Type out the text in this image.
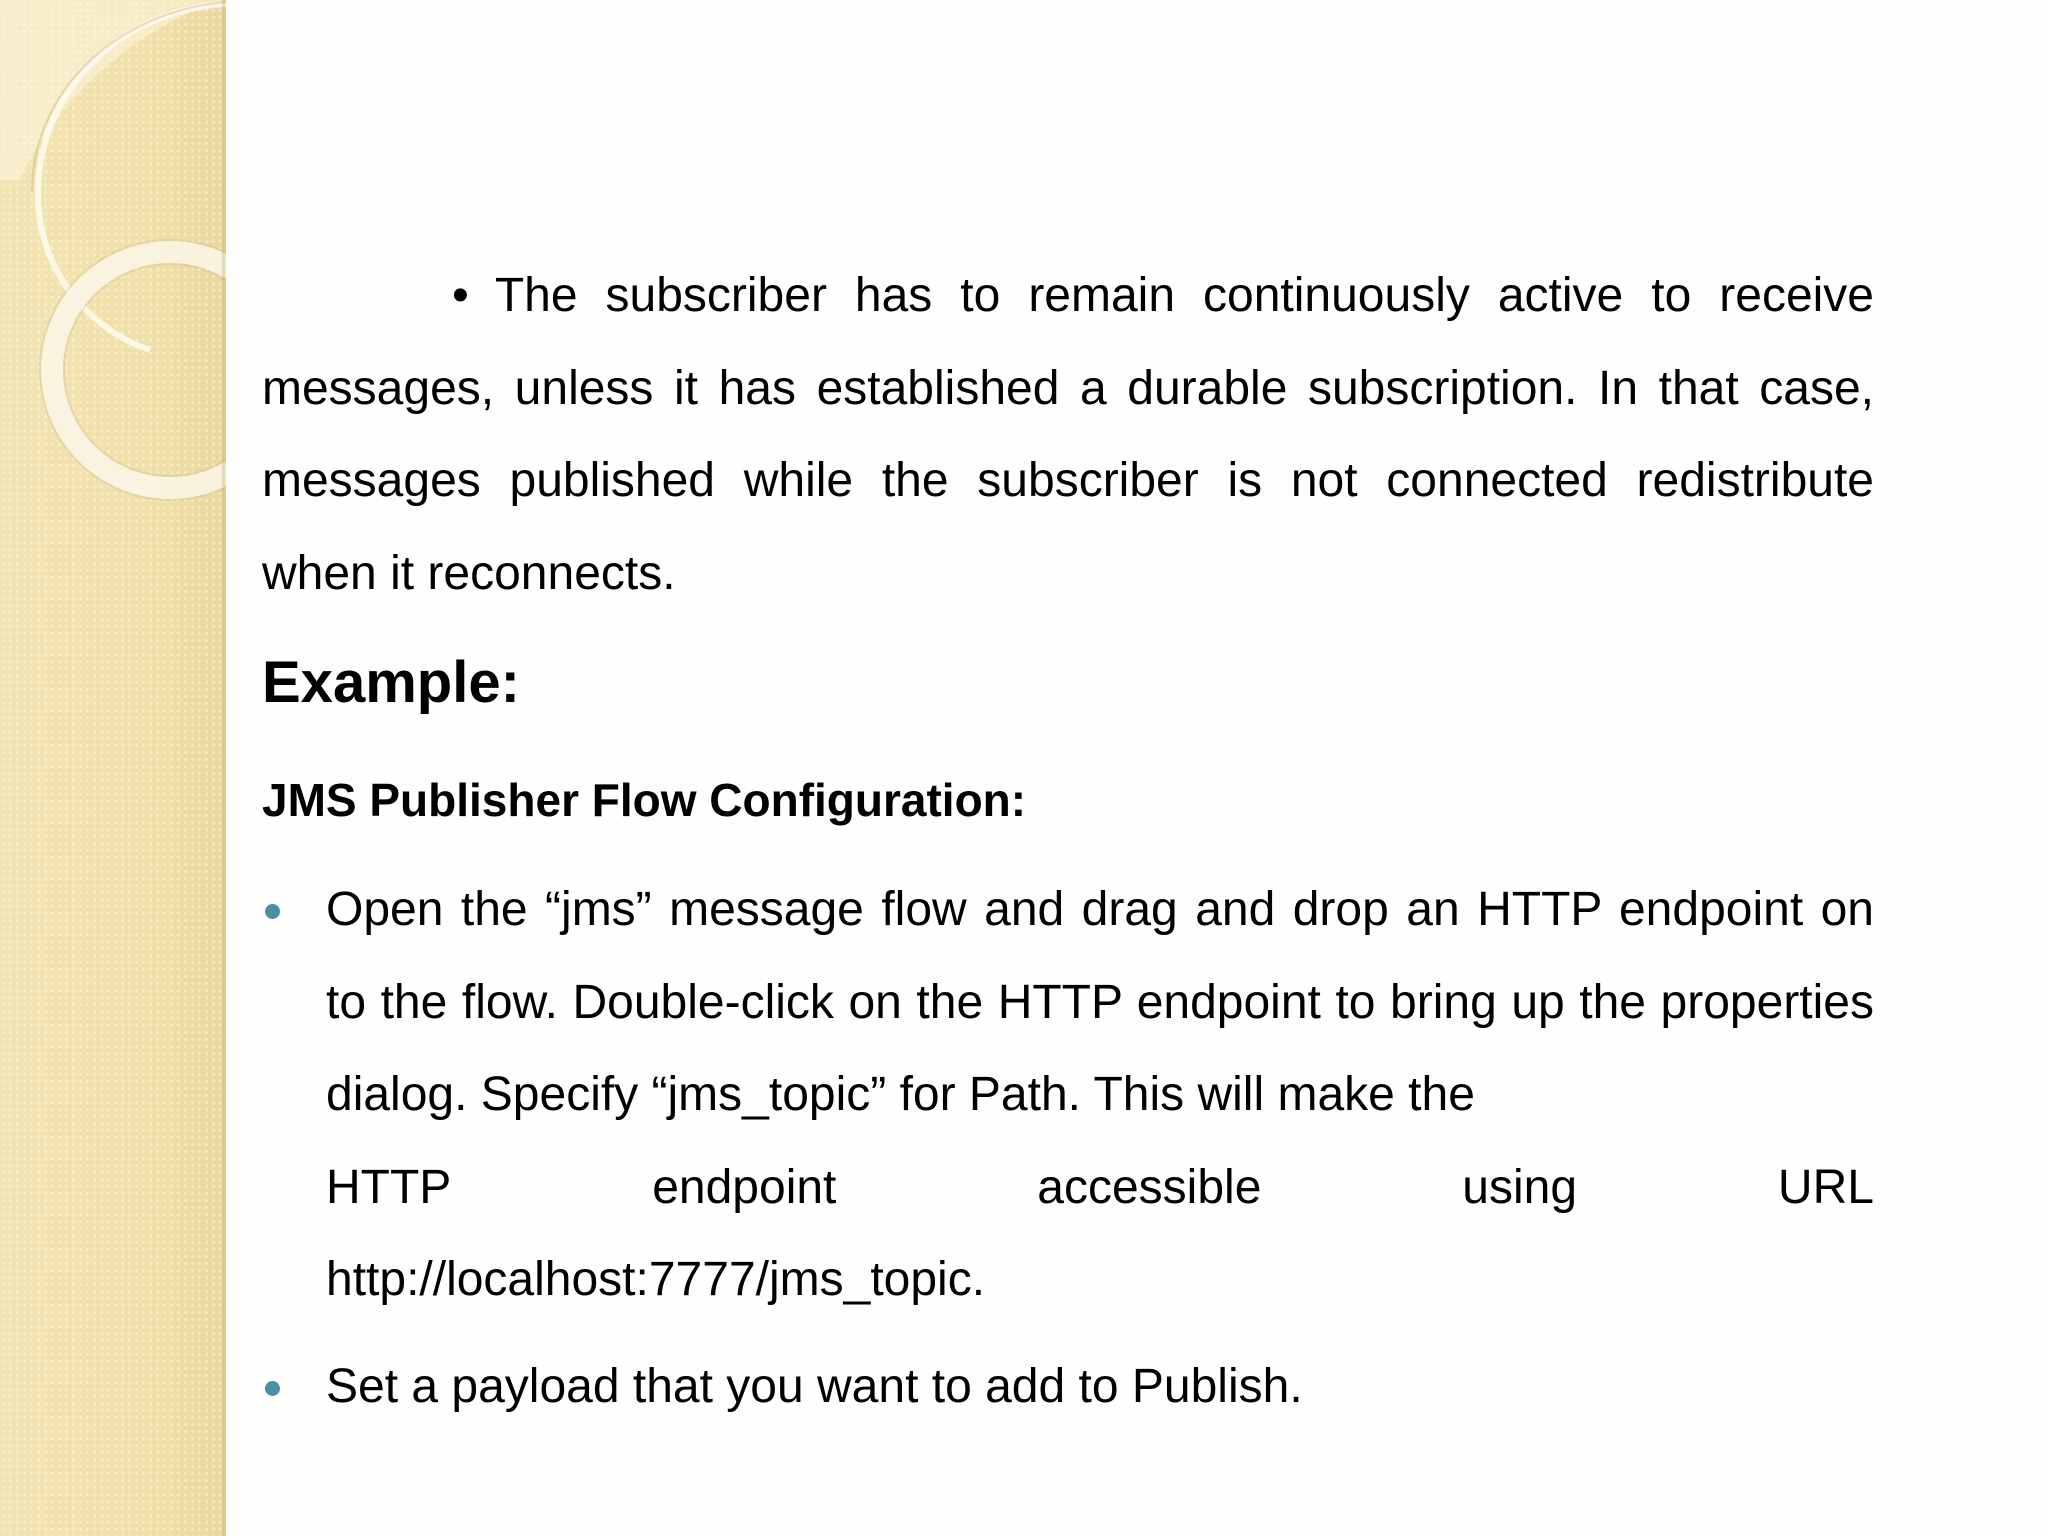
• The subscriber has to remain continuously active to receive messages, unless it has established a durable subscription. In that case, messages published while the subscriber is not connected redistribute when it reconnects.
Example:
JMS Publisher Flow Configuration:
Open the “jms” message flow and drag and drop an HTTP endpoint on to the flow. Double-click on the HTTP endpoint to bring up the properties dialog. Specify “jms_topic” for Path. This will make the
HTTP	endpoint	accessible	using	URL
http://localhost:7777/jms_topic.
Set a payload that you want to add to Publish.
